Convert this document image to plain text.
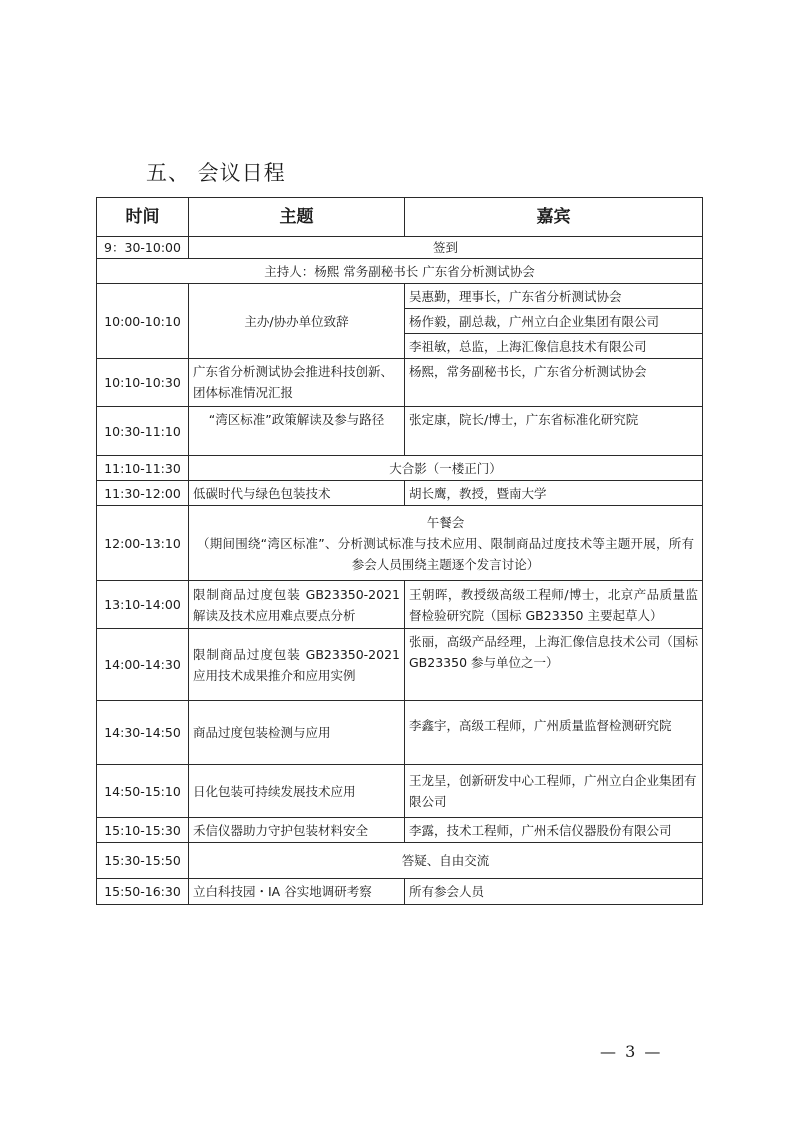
五、 会议日程
时间	主题	嘉宾
9：30-10:00	签到	
主持人：杨熙 常务副秘书长 广东省分析测试协会		
10:00-10:10	主办/协办单位致辞	吴惠勤，理事长，广东省分析测试协会
		杨作毅，副总裁，广州立白企业集团有限公司
		李祖敏，总监，上海汇像信息技术有限公司
10:10-10:30	广东省分析测试协会推进科技创新、团体标准情况汇报	杨熙，常务副秘书长，广东省分析测试协会
10:30-11:10	“湾区标准”政策解读及参与路径	张定康，院长/博士，广东省标准化研究院
11:10-11:30	大合影（一楼正门）	
11:30-12:00	低碳时代与绿色包装技术	胡长鹰，教授，暨南大学
12:00-13:10	午餐会
（期间围绕“湾区标准”、分析测试标准与技术应用、限制商品过度技术等主题开展，所有参会人员围绕主题逐个发言讨论）	

13:10-14:00	限制商品过度包装 GB23350-2021 解读及技术应用难点要点分析	王朝晖，教授级高级工程师/博士，北京产品质量监督检验研究院（国标 GB23350 主要起草人）
14:00-14:30	限制商品过度包装 GB23350-2021 应用技术成果推介和应用实例	张丽，高级产品经理，上海汇像信息技术公司（国标 GB23350 参与单位之一）
14:30-14:50	商品过度包装检测与应用	李鑫宇，高级工程师，广州质量监督检测研究院
14:50-15:10	日化包装可持续发展技术应用	王龙呈，创新研发中心工程师，广州立白企业集团有限公司
15:10-15:30	禾信仪器助力守护包装材料安全	李露，技术工程师，广州禾信仪器股份有限公司
15:30-15:50	答疑、自由交流	
15:50-16:30	立白科技园・IA 谷实地调研考察	所有参会人员
— 3 —
